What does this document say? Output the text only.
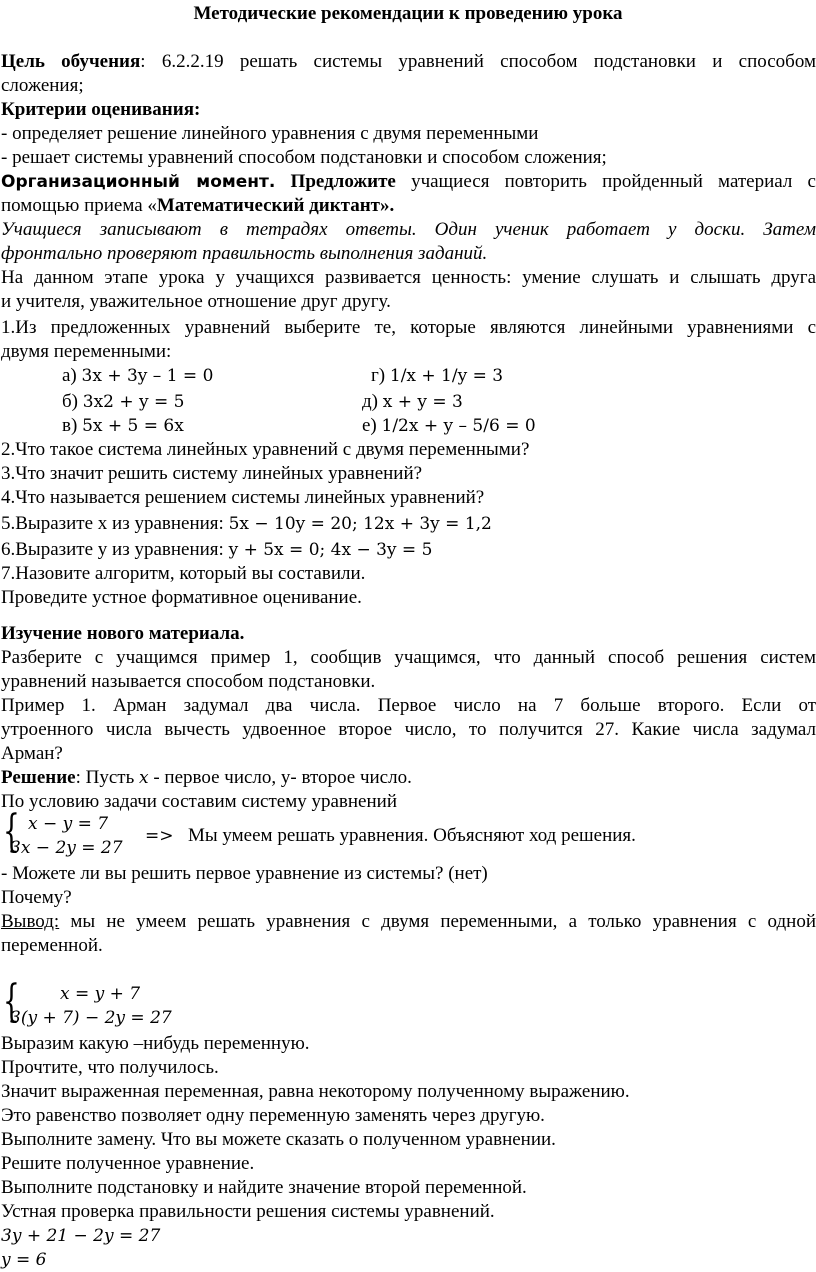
Методические рекомендации к проведению урока
Цель обучения: 6.2.2.19 решать системы уравнений способом подстановки и способом
сложения;
Критерии оценивания:
- определяет решение линейного уравнения с двумя переменными
- решает системы уравнений способом подстановки и способом сложения;
Организационный момент. Предложите учащиеся повторить пройденный материал с
помощью приема «Математический диктант».
Учащиеся записывают в тетрадях ответы. Один ученик работает у доски. Затем
фронтально проверяют правильность выполнения заданий.
На данном этапе урока у учащихся развивается ценность: умение слушать и слышать друга
и учителя, уважительное отношение друг другу.
1.Из предложенных уравнений выберите те, которые являются линейными уравнениями с
двумя переменными:
а) 3x + 3y – 1 = 0
б) 3x2 + y = 5
в) 5x + 5 = 6x
г) 1/x + 1/y = 3
д) x + y = 3
е) 1/2x + y – 5/6 = 0
2.Что такое система линейных уравнений с двумя переменными?
3.Что значит решить систему линейных уравнений?
4.Что называется решением системы линейных уравнений?
5.Выразите x из уравнения: 5x − 10y = 20; 12x + 3y = 1,2
6.Выразите у из уравнения: y + 5x = 0; 4x − 3y = 5
7.Назовите алгоритм, который вы составили.
Проведите устное формативное оценивание.
Изучение нового материала.
Разберите с учащимся пример 1, сообщив учащимся, что данный способ решения систем
уравнений называется способом подстановки.
Пример 1. Арман задумал два числа. Первое число на 7 больше второго. Если от
утроенного числа вычесть удвоенное второе число, то получится 27. Какие числа задумал
Арман?
Решение: Пусть x - первое число, у- второе число.
По условию задачи составим систему уравнений
{ x − y = 7
3x − 2y = 27
=> Мы умеем решать уравнения. Объясняют ход решения.
- Можете ли вы решить первое уравнение из системы? (нет)
Почему?
Вывод: мы не умеем решать уравнения с двумя переменными, а только уравнения с одной
переменной.
{ x = y + 7
3(y + 7) − 2y = 27
Выразим какую –нибудь переменную.
Прочтите, что получилось.
Значит выраженная переменная, равна некоторому полученному выражению.
Это равенство позволяет одну переменную заменять через другую.
Выполните замену. Что вы можете сказать о полученном уравнении.
Решите полученное уравнение.
Выполните подстановку и найдите значение второй переменной.
Устная проверка правильности решения системы уравнений.
3y + 21 − 2y = 27
y = 6
